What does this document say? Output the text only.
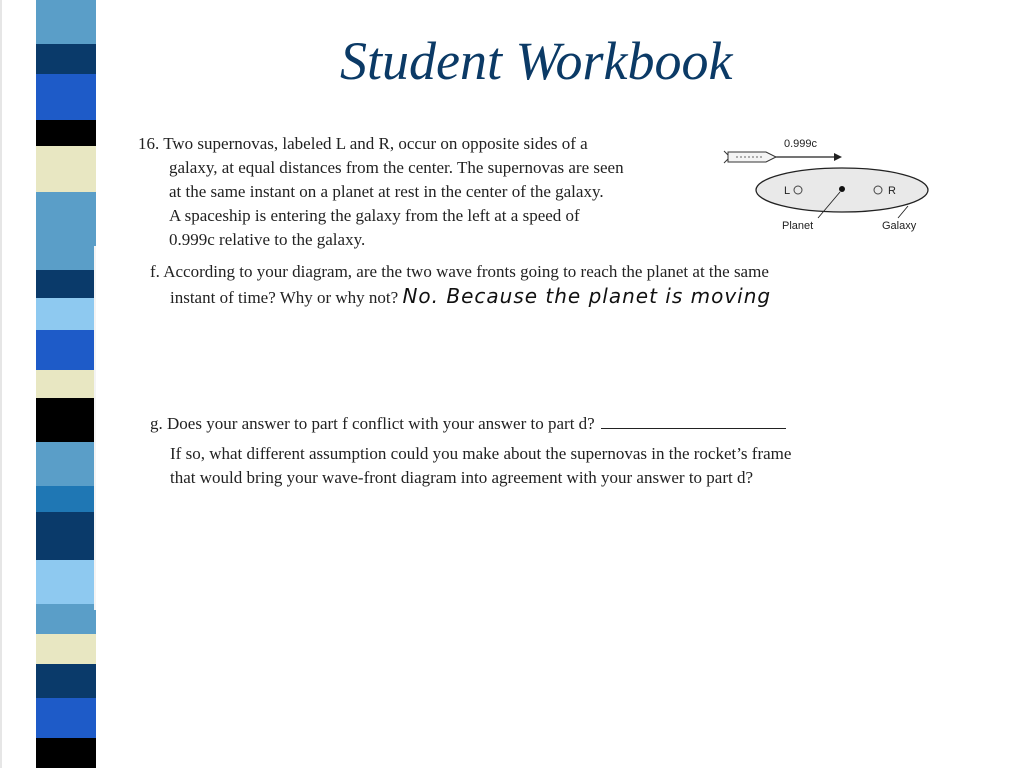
Student Workbook
16. Two supernovas, labeled L and R, occur on opposite sides of a
galaxy, at equal distances from the center. The supernovas are seen
at the same instant on a planet at rest in the center of the galaxy.
A spaceship is entering the galaxy from the left at a speed of
0.999c relative to the galaxy.
0.999c
L	R
Planet	Galaxy
f. According to your diagram, are the two wave fronts going to reach the planet at the same
instant of time? Why or why not? No. Because the planet is moving
g. Does your answer to part f conflict with your answer to part d?
If so, what different assumption could you make about the supernovas in the rocket’s frame
that would bring your wave-front diagram into agreement with your answer to part d?
